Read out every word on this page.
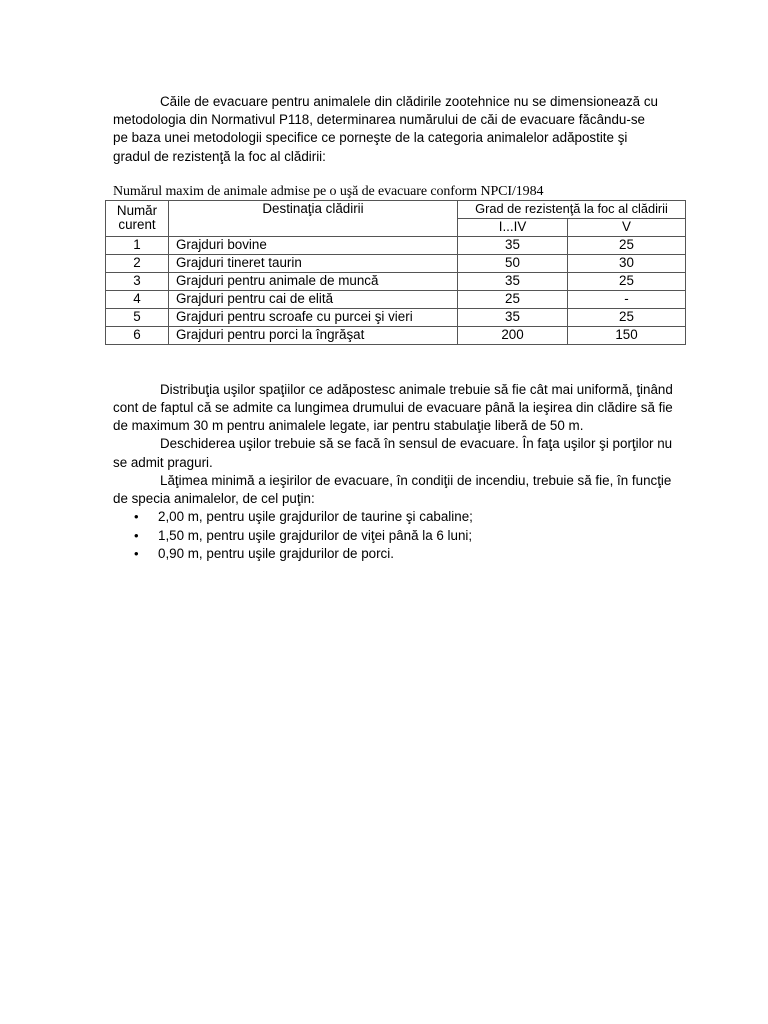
Căile de evacuare pentru animalele din clădirile zootehnice nu se dimensionează cu metodologia din Normativul P118, determinarea numărului de căi de evacuare făcându-se pe baza unei metodologii specifice ce porneşte de la categoria animalelor adăpostite şi gradul de rezistenţă la foc al clădirii:

Numărul maxim de animale admise pe o uşă de evacuare conform NPCI/1984
Număr
curent	Destinaţia clădirii	Grad de rezistenţă la foc al clădirii	
		I...IV	V
1	Grajduri bovine	35	25
2	Grajduri tineret taurin	50	30
3	Grajduri pentru animale de muncă	35	25
4	Grajduri pentru cai de elită	25	-
5	Grajduri pentru scroafe cu purcei şi vieri	35	25
6	Grajduri pentru porci la îngrăşat	200	150

Distribuţia uşilor spaţiilor ce adăpostesc animale trebuie să fie cât mai uniformă, ţinând cont de faptul că se admite ca lungimea drumului de evacuare până la ieşirea din clădire să fie de maximum 30 m pentru animalele legate, iar pentru stabulaţie liberă de 50 m.

Deschiderea uşilor trebuie să se facă în sensul de evacuare. În faţa uşilor şi porţilor nu se admit praguri.

Lăţimea minimă a ieşirilor de evacuare, în condiţii de incendiu, trebuie să fie, în funcţie de specia animalelor, de cel puţin:

• 2,00 m, pentru uşile grajdurilor de taurine şi cabaline;
• 1,50 m, pentru uşile grajdurilor de viţei până la 6 luni;
• 0,90 m, pentru uşile grajdurilor de porci.
